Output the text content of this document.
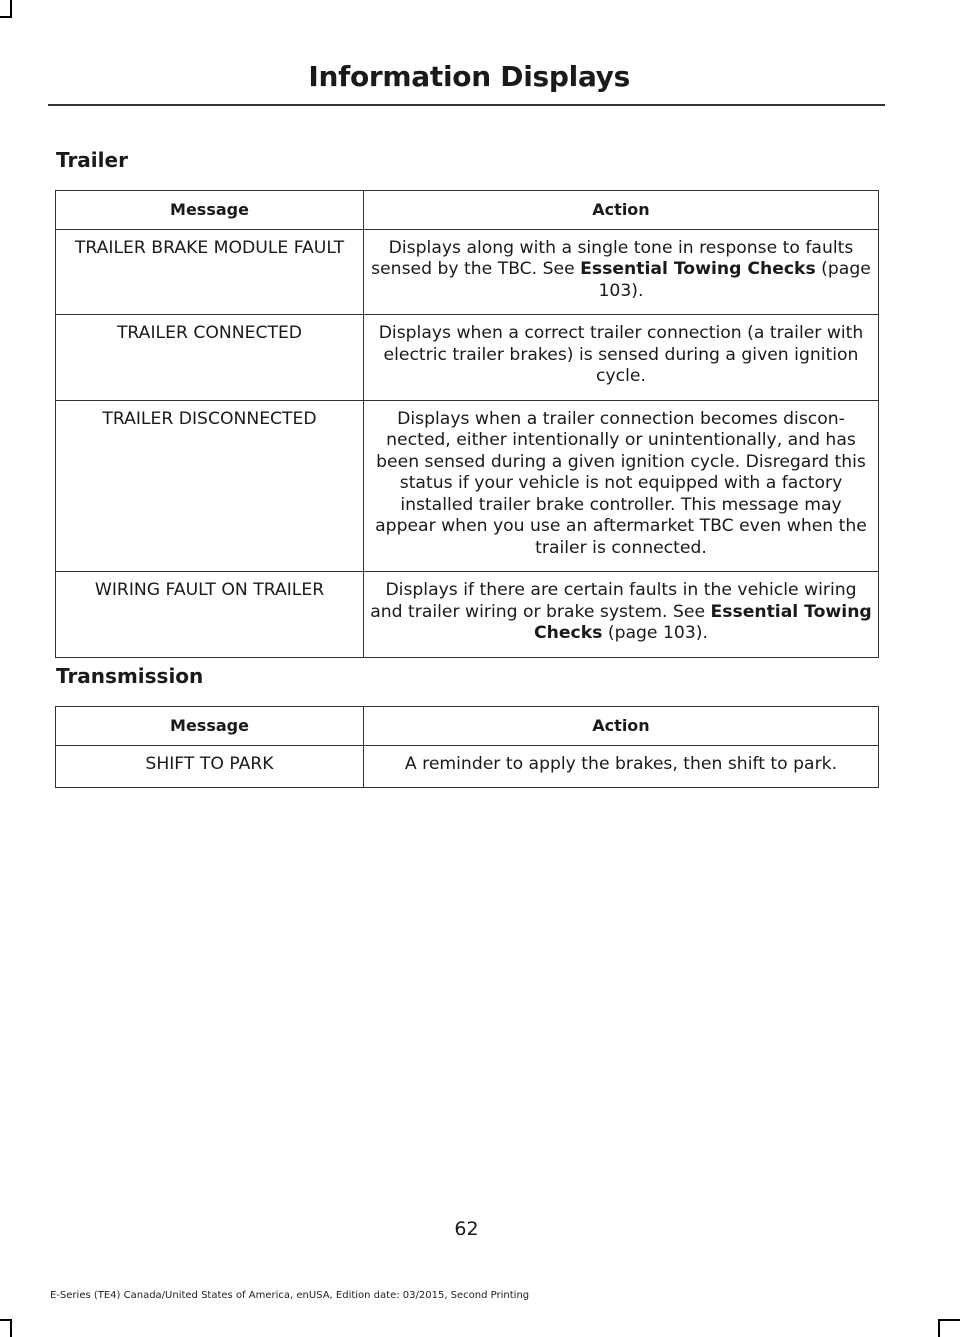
Information Displays
Trailer
Message	Action
TRAILER BRAKE MODULE FAULT	Displays along with a single tone in response to faults sensed by the TBC. See Essential Towing Checks (page 103).
TRAILER CONNECTED	Displays when a correct trailer connection (a trailer with electric trailer brakes) is sensed during a given ignition cycle.
TRAILER DISCONNECTED	Displays when a trailer connection becomes discon-nected, either intentionally or unintentionally, and has been sensed during a given ignition cycle. Disregard this status if your vehicle is not equipped with a factory installed trailer brake controller. This message may appear when you use an aftermarket TBC even when the trailer is connected.
WIRING FAULT ON TRAILER	Displays if there are certain faults in the vehicle wiring and trailer wiring or brake system. See Essential Towing Checks (page 103).
Transmission
Message	Action
SHIFT TO PARK	A reminder to apply the brakes, then shift to park.
62
E-Series (TE4) Canada/United States of America, enUSA, Edition date: 03/2015, Second Printing
